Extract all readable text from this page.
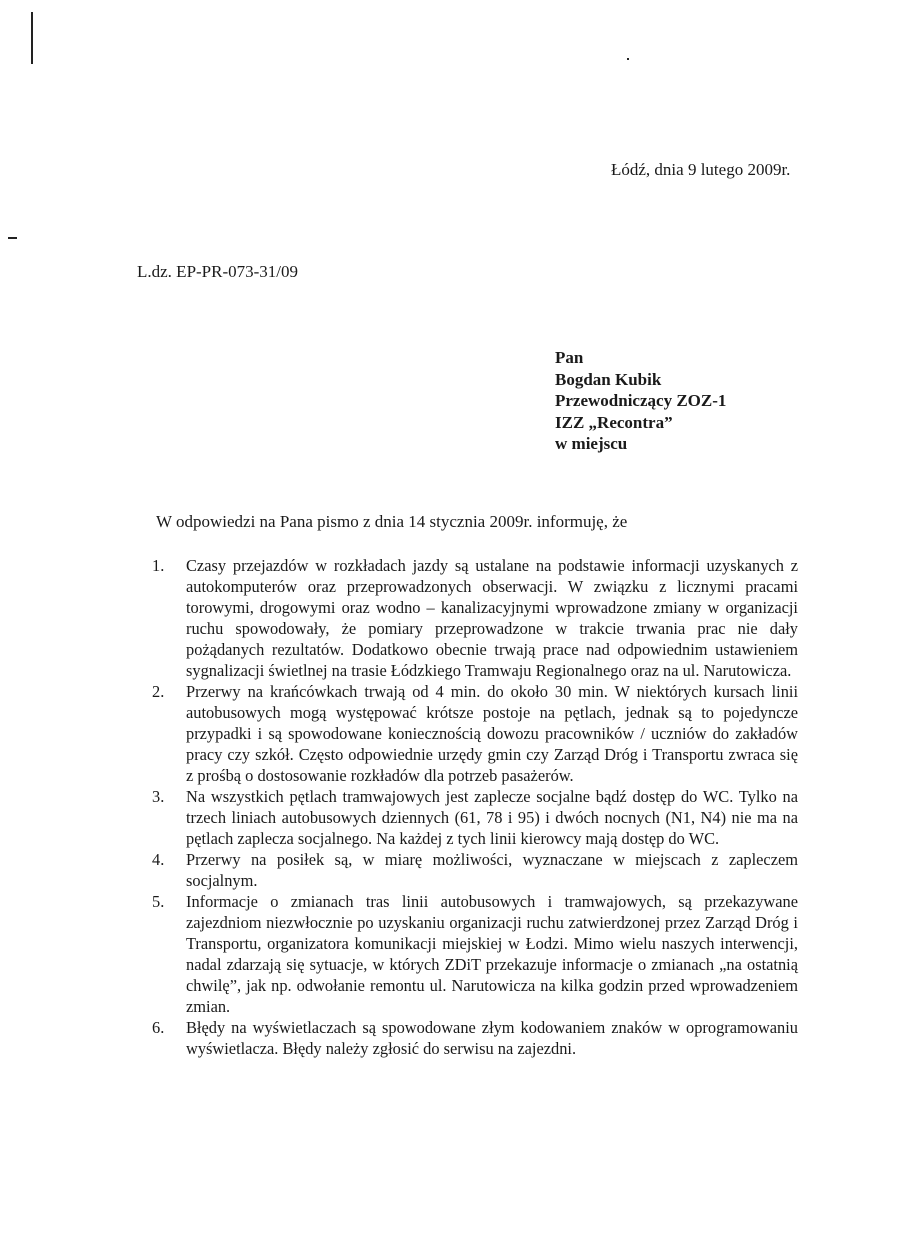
Łódź, dnia 9 lutego 2009r.
L.dz. EP-PR-073-31/09
Pan
Bogdan Kubik
Przewodniczący ZOZ-1
IZZ „Recontra”
w miejscu
W odpowiedzi na Pana pismo z dnia 14 stycznia 2009r. informuję, że
1. Czasy przejazdów w rozkładach jazdy są ustalane na podstawie informacji uzyskanych z autokomputerów oraz przeprowadzonych obserwacji. W związku z licznymi pracami torowymi, drogowymi oraz wodno – kanalizacyjnymi wprowadzone zmiany w organizacji ruchu spowodowały, że pomiary przeprowadzone w trakcie trwania prac nie dały pożądanych rezultatów. Dodatkowo obecnie trwają prace nad odpowiednim ustawieniem sygnalizacji świetlnej na trasie Łódzkiego Tramwaju Regionalnego oraz na ul. Narutowicza.
2. Przerwy na krańcówkach trwają od 4 min. do około 30 min. W niektórych kursach linii autobusowych mogą występować krótsze postoje na pętlach, jednak są to pojedyncze przypadki i są spowodowane koniecznością dowozu pracowników / uczniów do zakładów pracy czy szkół. Często odpowiednie urzędy gmin czy Zarząd Dróg i Transportu zwraca się z prośbą o dostosowanie rozkładów dla potrzeb pasażerów.
3. Na wszystkich pętlach tramwajowych jest zaplecze socjalne bądź dostęp do WC. Tylko na trzech liniach autobusowych dziennych (61, 78 i 95) i dwóch nocnych (N1, N4) nie ma na pętlach zaplecza socjalnego. Na każdej z tych linii kierowcy mają dostęp do WC.
4. Przerwy na posiłek są, w miarę możliwości, wyznaczane w miejscach z zapleczem socjalnym.
5. Informacje o zmianach tras linii autobusowych i tramwajowych, są przekazywane zajezdniom niezwłocznie po uzyskaniu organizacji ruchu zatwierdzonej przez Zarząd Dróg i Transportu, organizatora komunikacji miejskiej w Łodzi. Mimo wielu naszych interwencji, nadal zdarzają się sytuacje, w których ZDiT przekazuje informacje o zmianach „na ostatnią chwilę”, jak np. odwołanie remontu ul. Narutowicza na kilka godzin przed wprowadzeniem zmian.
6. Błędy na wyświetlaczach są spowodowane złym kodowaniem znaków w oprogramowaniu wyświetlacza. Błędy należy zgłosić do serwisu na zajezdni.
